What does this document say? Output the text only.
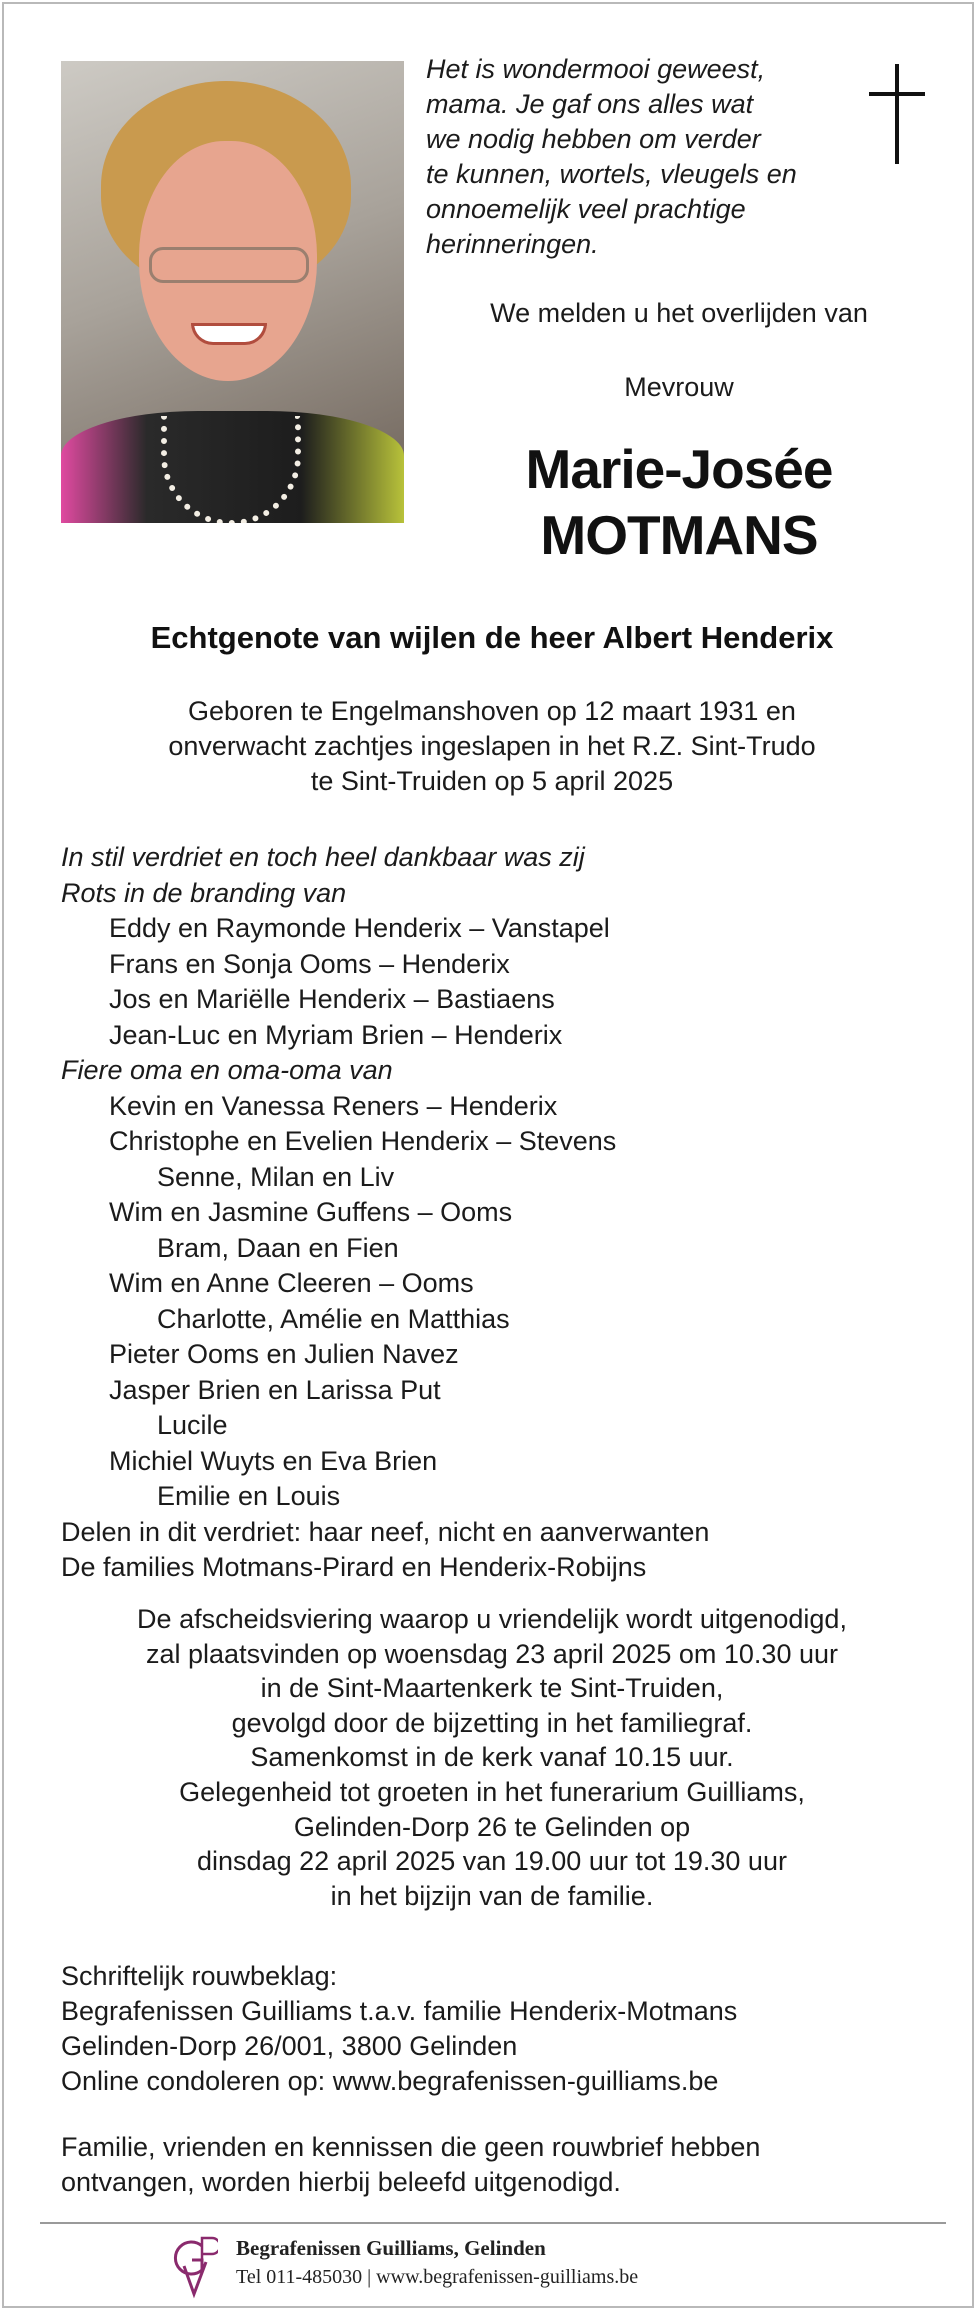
Het is wondermooi geweest,
mama. Je gaf ons alles wat
we nodig hebben om verder
te kunnen, wortels, vleugels en
onnoemelijk veel prachtige
herinneringen.

We melden u het overlijden van
Mevrouw
Marie-Josée
MOTMANS
Echtgenote van wijlen de heer Albert Henderix
Geboren te Engelmanshoven op 12 maart 1931 en
onverwacht zachtjes ingeslapen in het R.Z. Sint-Trudo
te Sint-Truiden op 5 april 2025
In stil verdriet en toch heel dankbaar was zij
Rots in de branding van
Eddy en Raymonde Henderix – Vanstapel
Frans en Sonja Ooms – Henderix
Jos en Mariëlle Henderix – Bastiaens
Jean-Luc en Myriam Brien – Henderix
Fiere oma en oma-oma van
Kevin en Vanessa Reners – Henderix
Christophe en Evelien Henderix – Stevens
Senne, Milan en Liv
Wim en Jasmine Guffens – Ooms
Bram, Daan en Fien
Wim en Anne Cleeren – Ooms
Charlotte, Amélie en Matthias
Pieter Ooms en Julien Navez
Jasper Brien en Larissa Put
Lucile
Michiel Wuyts en Eva Brien
Emilie en Louis
Delen in dit verdriet: haar neef, nicht en aanverwanten
De families Motmans-Pirard en Henderix-Robijns
De afscheidsviering waarop u vriendelijk wordt uitgenodigd,
zal plaatsvinden op woensdag 23 april 2025 om 10.30 uur
in de Sint-Maartenkerk te Sint-Truiden,
gevolgd door de bijzetting in het familiegraf.
Samenkomst in de kerk vanaf 10.15 uur.
Gelegenheid tot groeten in het funerarium Guilliams,
Gelinden-Dorp 26 te Gelinden op
dinsdag 22 april 2025 van 19.00 uur tot 19.30 uur
in het bijzijn van de familie.
Schriftelijk rouwbeklag:
Begrafenissen Guilliams t.a.v. familie Henderix-Motmans
Gelinden-Dorp 26/001, 3800 Gelinden
Online condoleren op: www.begrafenissen-guilliams.be
Familie, vrienden en kennissen die geen rouwbrief hebben
ontvangen, worden hierbij beleefd uitgenodigd.
Begrafenissen Guilliams, Gelinden
Tel 011-485030 | www.begrafenissen-guilliams.be
